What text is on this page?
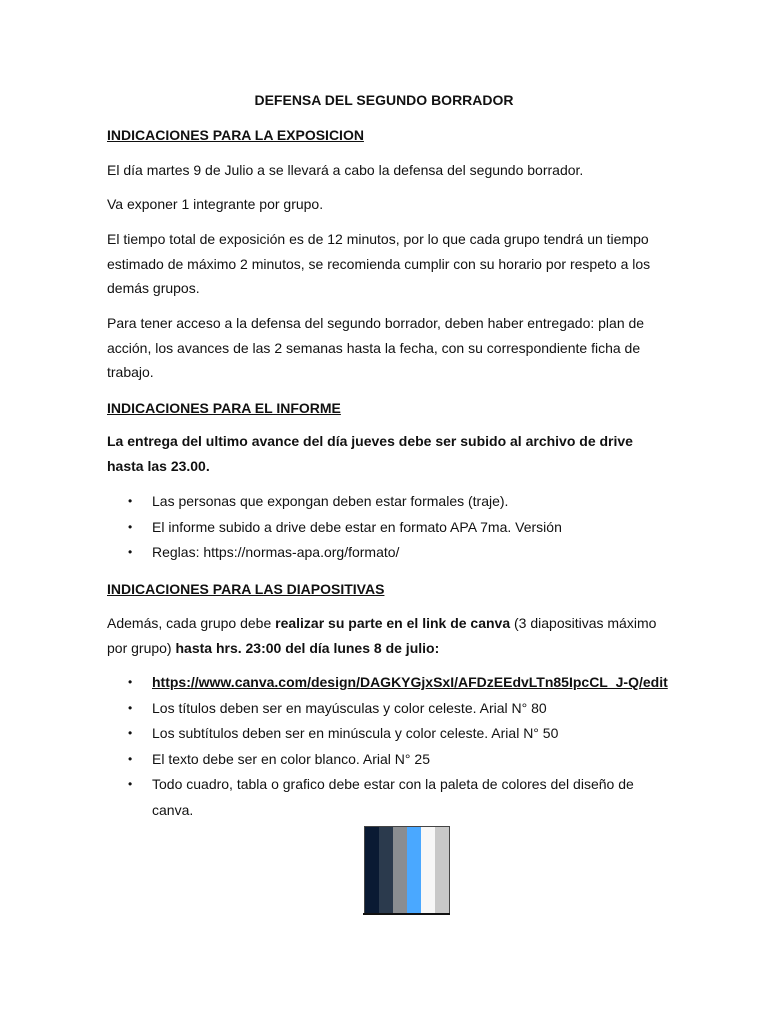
DEFENSA DEL SEGUNDO BORRADOR
INDICACIONES PARA LA EXPOSICION
El día martes 9 de Julio a se llevará a cabo la defensa del segundo borrador.
Va exponer 1 integrante por grupo.
El tiempo total de exposición es de 12 minutos, por lo que cada grupo tendrá un tiempo estimado de máximo 2 minutos, se recomienda cumplir con su horario por respeto a los demás grupos.
Para tener acceso a la defensa del segundo borrador, deben haber entregado: plan de acción, los avances de las 2 semanas hasta la fecha, con su correspondiente ficha de trabajo.
INDICACIONES PARA EL INFORME
La entrega del ultimo avance del día jueves debe ser subido al archivo de drive hasta las 23.00.
• Las personas que expongan deben estar formales (traje).
• El informe subido a drive debe estar en formato APA 7ma. Versión
• Reglas: https://normas-apa.org/formato/
INDICACIONES PARA LAS DIAPOSITIVAS
Además, cada grupo debe realizar su parte en el link de canva (3 diapositivas máximo por grupo) hasta hrs. 23:00 del día lunes 8 de julio:
• https://www.canva.com/design/DAGKYGjxSxI/AFDzEEdvLTn85IpcCL_J-Q/edit
• Los títulos deben ser en mayúsculas y color celeste. Arial N° 80
• Los subtítulos deben ser en minúscula y color celeste. Arial N° 50
• El texto debe ser en color blanco. Arial N° 25
• Todo cuadro, tabla o grafico debe estar con la paleta de colores del diseño de canva.
